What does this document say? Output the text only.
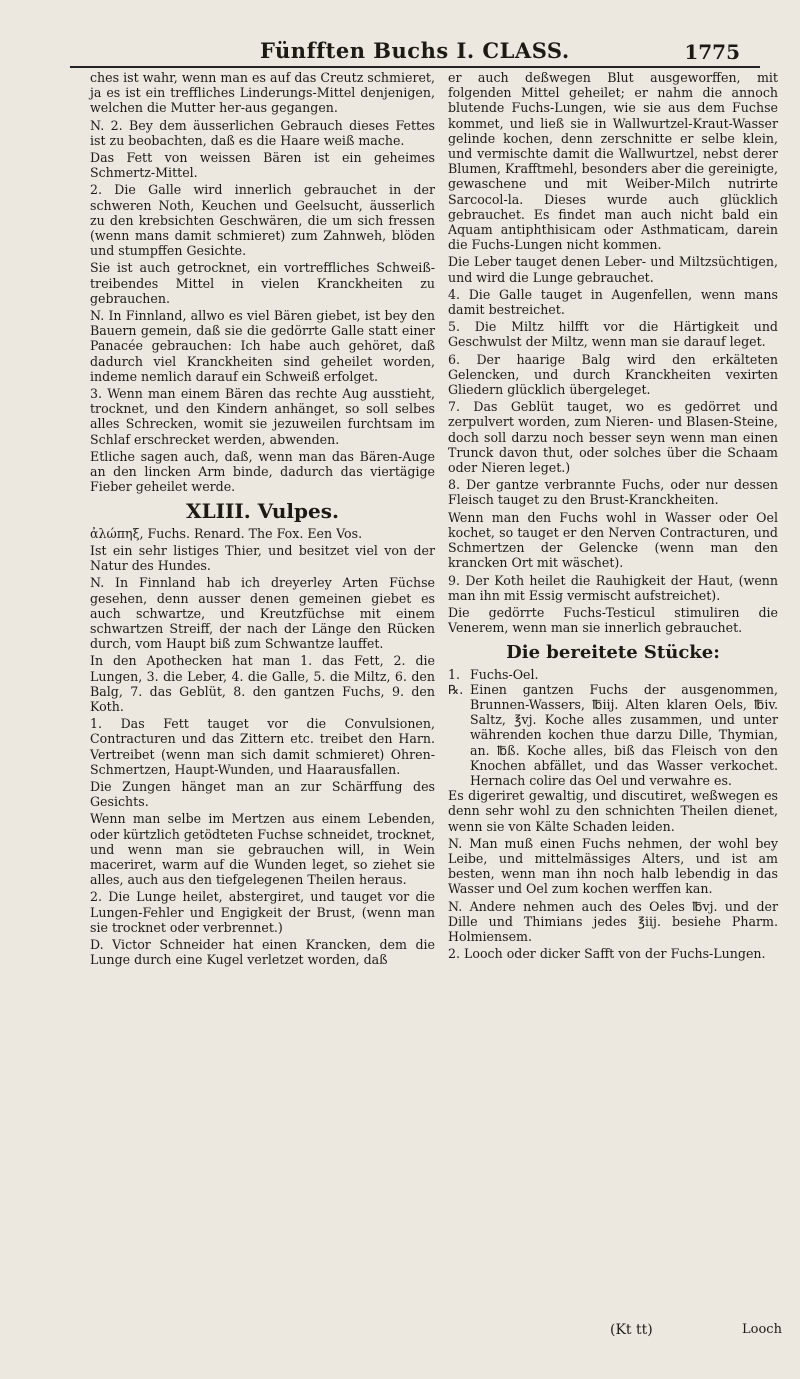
Fünfften Buchs I. CLASS.	1775

ches ist wahr, wenn man es auf das Creutz schmieret, ja es ist ein treffliches Linderungs-Mittel denjenigen, welchen die Mutter her-aus gegangen.

N. 2. Bey dem äusserlichen Gebrauch dieses Fettes ist zu beobachten, daß es die Haare weiß mache.

Das Fett von weissen Bären ist ein geheimes Schmertz-Mittel.

2. Die Galle wird innerlich gebrauchet in der schweren Noth, Keuchen und Geelsucht, äusserlich zu den krebsichten Geschwären, die um sich fressen (wenn mans damit schmieret) zum Zahnweh, blöden und stumpffen Gesichte.

Sie ist auch getrocknet, ein vortreffliches Schweiß-treibendes Mittel in vielen Kranckheiten zu gebrauchen.

N. In Finnland, allwo es viel Bären giebet, ist bey den Bauern gemein, daß sie die gedörrte Galle statt einer Panacée gebrauchen: Ich habe auch gehöret, daß dadurch viel Kranckheiten sind geheilet worden, indeme nemlich darauf ein Schweiß erfolget.

3. Wenn man einem Bären das rechte Aug ausstieht, trocknet, und den Kindern anhänget, so soll selbes alles Schrecken, womit sie jezuweilen furchtsam im Schlaf erschrecket werden, abwenden.

Etliche sagen auch, daß, wenn man das Bären-Auge an den lincken Arm binde, dadurch das viertägige Fieber geheilet werde.

XLIII. Vulpes.

ἀλώπηξ, Fuchs. Renard. The Fox. Een Vos.

Ist ein sehr listiges Thier, und besitzet viel von der Natur des Hundes.

N. In Finnland hab ich dreyerley Arten Füchse gesehen, denn ausser denen gemeinen giebet es auch schwartze, und Kreutzfüchse mit einem schwartzen Streiff, der nach der Länge den Rücken durch, vom Haupt biß zum Schwantze lauffet.

In den Apothecken hat man 1. das Fett, 2. die Lungen, 3. die Leber, 4. die Galle, 5. die Miltz, 6. den Balg, 7. das Geblüt, 8. den gantzen Fuchs, 9. den Koth.

1. Das Fett tauget vor die Convulsionen, Contracturen und das Zittern etc. treibet den Harn. Vertreibet (wenn man sich damit schmieret) Ohren-Schmertzen, Haupt-Wunden, und Haarausfallen.

Die Zungen hänget man an zur Schärffung des Gesichts.

Wenn man selbe im Mertzen aus einem Lebenden, oder kürtzlich getödteten Fuchse schneidet, trocknet, und wenn man sie gebrauchen will, in Wein maceriret, warm auf die Wunden leget, so ziehet sie alles, auch aus den tiefgelegenen Theilen heraus.

2. Die Lunge heilet, abstergiret, und tauget vor die Lungen-Fehler und Engigkeit der Brust, (wenn man sie trocknet oder verbrennet.)

D. Victor Schneider hat einen Krancken, dem die Lunge durch eine Kugel verletzet worden, daß

er auch deßwegen Blut ausgeworffen, mit folgenden Mittel geheilet; er nahm die annoch blutende Fuchs-Lungen, wie sie aus dem Fuchse kommet, und ließ sie in Wallwurtzel-Kraut-Wasser gelinde kochen, denn zerschnitte er selbe klein, und vermischte damit die Wallwurtzel, nebst derer Blumen, Krafftmehl, besonders aber die gereinigte, gewaschene und mit Weiber-Milch nutrirte Sarcocol-la. Dieses wurde auch glücklich gebrauchet. Es findet man auch nicht bald ein Aquam antiphthisicam oder Asthmaticam, darein die Fuchs-Lungen nicht kommen.

Die Leber tauget denen Leber- und Miltzsüchtigen, und wird die Lunge gebrauchet.

4. Die Galle tauget in Augenfellen, wenn mans damit bestreichet.

5. Die Miltz hilfft vor die Härtigkeit und Geschwulst der Miltz, wenn man sie darauf leget.

6. Der haarige Balg wird den erkälteten Gelencken, und durch Kranckheiten vexirten Gliedern glücklich übergeleget.

7. Das Geblüt tauget, wo es gedörret und zerpulvert worden, zum Nieren- und Blasen-Steine, doch soll darzu noch besser seyn wenn man einen Trunck davon thut, oder solches über die Schaam oder Nieren leget.)

8. Der gantze verbrannte Fuchs, oder nur dessen Fleisch tauget zu den Brust-Kranckheiten.

Wenn man den Fuchs wohl in Wasser oder Oel kochet, so tauget er den Nerven Contracturen, und Schmertzen der Gelencke (wenn man den krancken Ort mit wäschet).

9. Der Koth heilet die Rauhigkeit der Haut, (wenn man ihn mit Essig vermischt aufstreichet).

Die gedörrte Fuchs-Testicul stimuliren die Venerem, wenn man sie innerlich gebrauchet.

Die bereitete Stücke:
1. Fuchs-Oel.
℞. Einen gantzen Fuchs der ausgenommen, Brunnen-Wassers, ℔iij. Alten klaren Oels, ℔iv. Saltz, ℥vj. Koche alles zusammen, und unter währenden kochen thue darzu Dille, Thymian, an. ℔ß. Koche alles, biß das Fleisch von den Knochen abfället, und das Wasser verkochet. Hernach colire das Oel und verwahre es.

Es digeriret gewaltig, und discutiret, weßwegen es denn sehr wohl zu den schnichten Theilen dienet, wenn sie von Kälte Schaden leiden.

N. Man muß einen Fuchs nehmen, der wohl bey Leibe, und mittelmässiges Alters, und ist am besten, wenn man ihn noch halb lebendig in das Wasser und Oel zum kochen werffen kan.

N. Andere nehmen auch des Oeles ℔vj. und der Dille und Thimians jedes ℥iij. besiehe Pharm. Holmiensem.

2. Looch oder dicker Safft von der Fuchs-Lungen.

(Kt tt)	Looch
